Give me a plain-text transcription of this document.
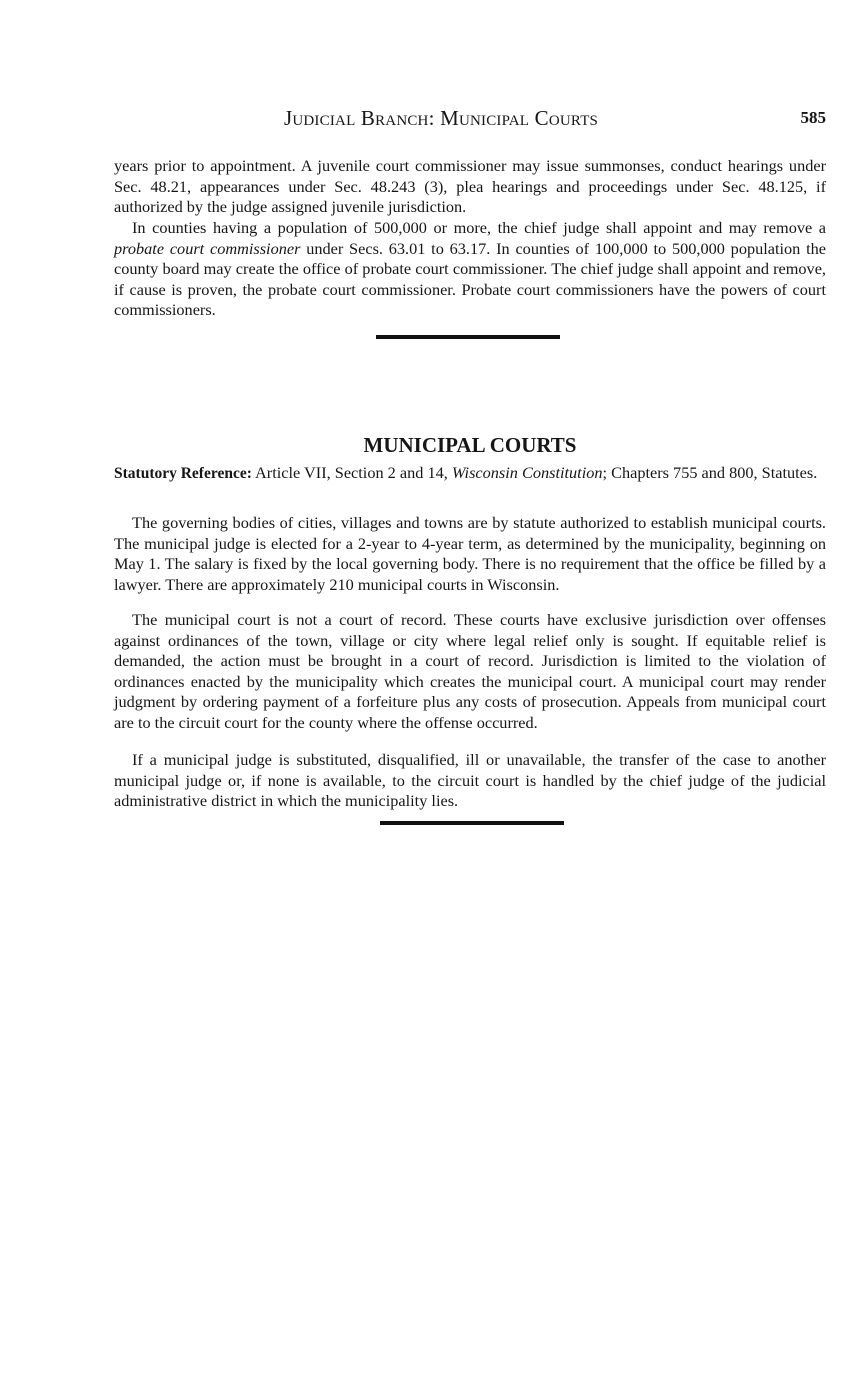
Judicial Branch: Municipal Courts	585

years prior to appointment. A juvenile court commissioner may issue summonses, conduct hearings under Sec. 48.21, appearances under Sec. 48.243 (3), plea hearings and proceedings under Sec. 48.125, if authorized by the judge assigned juvenile jurisdiction.

In counties having a population of 500,000 or more, the chief judge shall appoint and may remove a probate court commissioner under Secs. 63.01 to 63.17. In counties of 100,000 to 500,000 population the county board may create the office of probate court commissioner. The chief judge shall appoint and remove, if cause is proven, the probate court commissioner. Probate court commissioners have the powers of court commissioners.

MUNICIPAL COURTS

Statutory Reference: Article VII, Section 2 and 14, Wisconsin Constitution; Chapters 755 and 800, Statutes.

The governing bodies of cities, villages and towns are by statute authorized to establish municipal courts. The municipal judge is elected for a 2-year to 4-year term, as determined by the municipality, beginning on May 1. The salary is fixed by the local governing body. There is no requirement that the office be filled by a lawyer. There are approximately 210 municipal courts in Wisconsin.

The municipal court is not a court of record. These courts have exclusive jurisdiction over offenses against ordinances of the town, village or city where legal relief only is sought. If equitable relief is demanded, the action must be brought in a court of record. Jurisdiction is limited to the violation of ordinances enacted by the municipality which creates the municipal court. A municipal court may render judgment by ordering payment of a forfeiture plus any costs of prosecution. Appeals from municipal court are to the circuit court for the county where the offense occurred.

If a municipal judge is substituted, disqualified, ill or unavailable, the transfer of the case to another municipal judge or, if none is available, to the circuit court is handled by the chief judge of the judicial administrative district in which the municipality lies.
